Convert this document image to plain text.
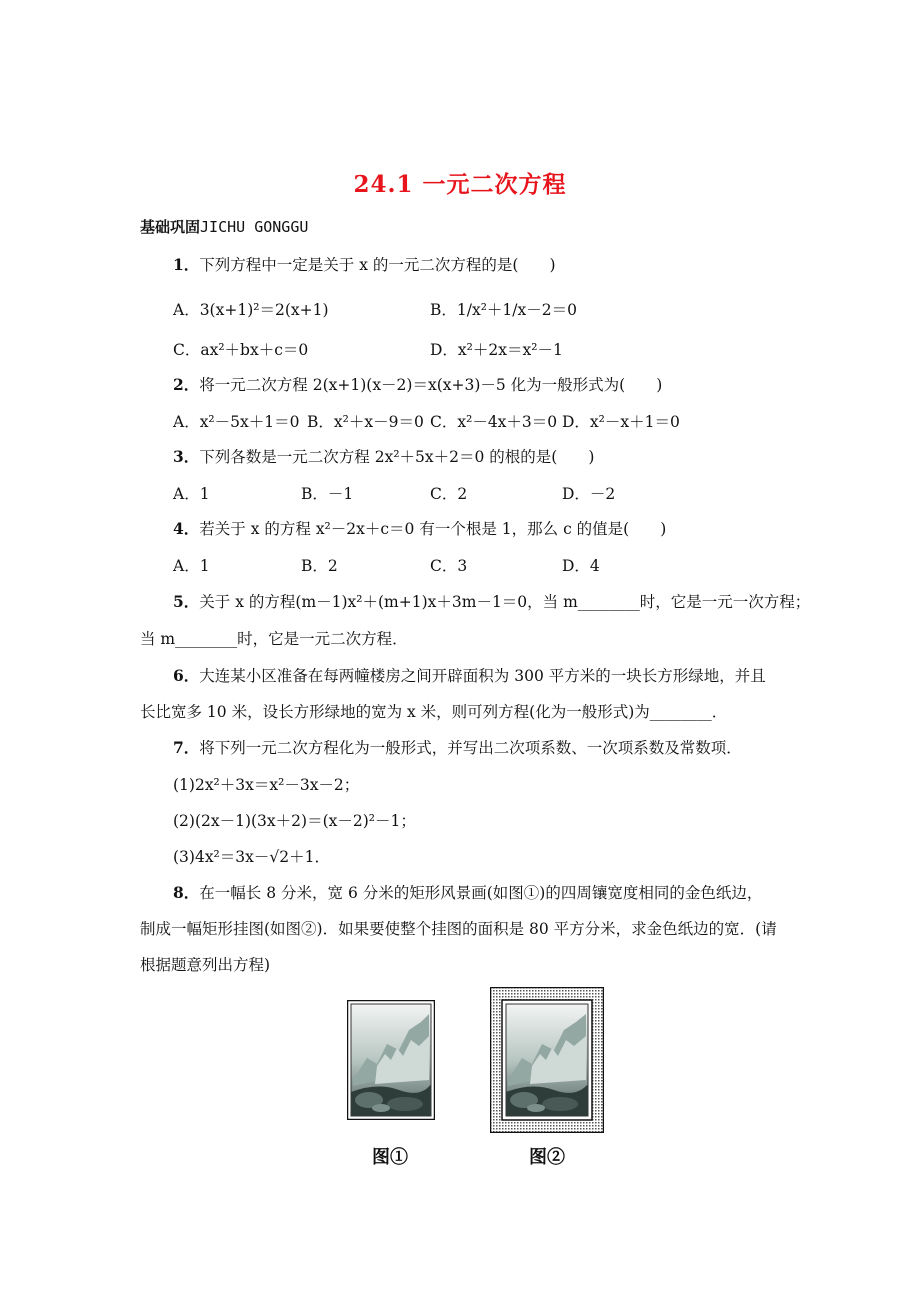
24.1 一元二次方程
基础巩固JICHU GONGGU
1．下列方程中一定是关于 x 的一元二次方程的是(　　)
A．3(x+1)²＝2(x+1)	B．1/x²＋1/x－2＝0
C．ax²＋bx＋c＝0	D．x²＋2x＝x²－1
2．将一元二次方程 2(x+1)(x－2)＝x(x+3)－5 化为一般形式为(　　)
A．x²－5x＋1＝0 B．x²＋x－9＝0 C．x²－4x＋3＝0 D．x²－x＋1＝0
3．下列各数是一元二次方程 2x²＋5x＋2＝0 的根的是(　　)
A．1	B．－1	C．2	D．－2
4．若关于 x 的方程 x²－2x＋c＝0 有一个根是 1，那么 c 的值是(　　)
A．1	B．2	C．3	D．4
5．关于 x 的方程(m－1)x²＋(m+1)x＋3m－1＝0，当 m________时，它是一元一次方程；
当 m________时，它是一元二次方程．
6．大连某小区准备在每两幢楼房之间开辟面积为 300 平方米的一块长方形绿地，并且
长比宽多 10 米，设长方形绿地的宽为 x 米，则可列方程(化为一般形式)为________．
7．将下列一元二次方程化为一般形式，并写出二次项系数、一次项系数及常数项．
(1)2x²＋3x＝x²－3x－2；
(2)(2x－1)(3x＋2)＝(x－2)²－1；
(3)4x²＝3x－√2＋1．
8．在一幅长 8 分米，宽 6 分米的矩形风景画(如图①)的四周镶宽度相同的金色纸边，
制成一幅矩形挂图(如图②)．如果要使整个挂图的面积是 80 平方分米，求金色纸边的宽．(请
根据题意列出方程)
图①	图②
